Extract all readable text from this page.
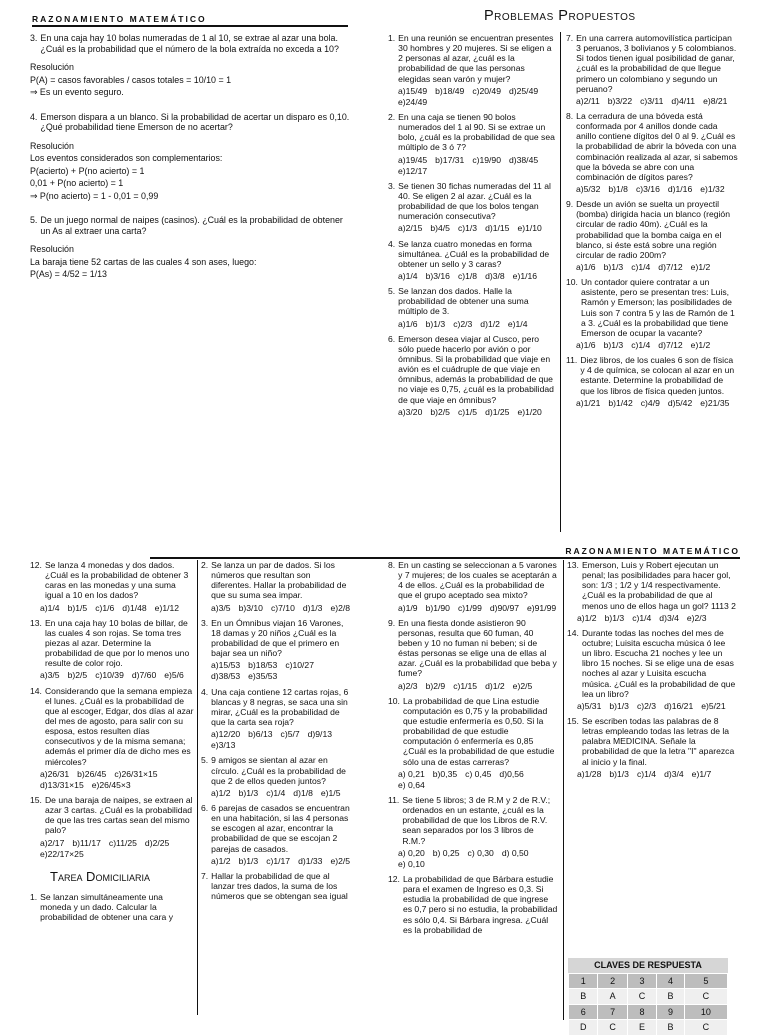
RAZONAMIENTO MATEMÁTICO	Problemas Propuestos
3. En una caja hay 10 bolas numeradas de 1 al 10, se extrae al azar una bola. ¿Cuál es la probabilidad que el número de la bola extraída no exceda a 10?
Resolución
P(A) = casos favorables / casos totales = 10/10 = 1
⇒ Es un evento seguro.
4. Emerson dispara a un blanco. Si la probabilidad de acertar un disparo es 0,10. ¿Qué probabilidad tiene Emerson de no acertar?
Resolución
Los eventos considerados son complementarios:
P(acierto) + P(no acierto) = 1
0,01 + P(no acierto) = 1
⇒ P(no acierto) = 1 - 0,01 = 0,99
5. De un juego normal de naipes (casinos). ¿Cuál es la probabilidad de obtener un As al extraer una carta?
Resolución
La baraja tiene 52 cartas de las cuales 4 son ases, luego:
P(As) = 4/52 = 1/13
1. En una reunión se encuentran presentes 30 hombres y 20 mujeres. Si se eligen a 2 personas al azar, ¿cuál es la probabilidad de que las personas elegidas sean varón y mujer?
a)15/49 b)18/49 c)20/49 d)25/49
e)24/49
2. En una caja se tienen 90 bolos numerados del 1 al 90. Si se extrae un bolo, ¿cuál es la probabilidad de que sea múltiplo de 3 ó 7?
a)19/45 b)17/31 c)19/90 d)38/45
e)12/17
3. Se tienen 30 fichas numeradas del 11 al 40. Se eligen 2 al azar. ¿Cuál es la probabilidad de que los bolos tengan numeración consecutiva?
a)2/15 b)4/5 c)1/3 d)1/15 e)1/10
4. Se lanza cuatro monedas en forma simultánea. ¿Cuál es la probabilidad de obtener un sello y 3 caras?
a)1/4 b)3/16 c)1/8 d)3/8 e)1/16
5. Se lanzan dos dados. Halle la probabilidad de obtener una suma múltiplo de 3.
a)1/6 b)1/3 c)2/3 d)1/2 e)1/4
6. Emerson desea viajar al Cusco, pero sólo puede hacerlo por avión o por ómnibus. Si la probabilidad que viaje en avión es el cuádruple de que viaje en ómnibus, además la probabilidad de que no viaje es 0,75, ¿cuál es la probabilidad de que viaje en ómnibus?
a)3/20 b)2/5 c)1/5 d)1/25 e)1/20
7. En una carrera automovilística participan 3 peruanos, 3 bolivianos y 5 colombianos. Si todos tienen igual posibilidad de ganar, ¿cuál es la probabilidad de que llegue primero un colombiano y segundo un peruano?
a)2/11 b)3/22 c)3/11 d)4/11 e)8/21
8. La cerradura de una bóveda está conformada por 4 anillos donde cada anillo contiene dígitos del 0 al 9. ¿Cuál es la probabilidad de abrir la bóveda con una combinación realizada al azar, si sabemos que la bóveda se abre con una combinación de dígitos pares?
a)5/32 b)1/8 c)3/16 d)1/16 e)1/32
9. Desde un avión se suelta un proyectil (bomba) dirigida hacia un blanco (región circular de radio 40m). ¿Cuál es la probabilidad que la bomba caiga en el blanco, si éste está sobre una región circular de radio 200m?
a)1/6 b)1/3 c)1/4 d)7/12 e)1/2
10. Un contador quiere contratar a un asistente, pero se presentan tres: Luis, Ramón y Emerson; las posibilidades de Luis son 7 contra 5 y las de Ramón de 1 a 3. ¿Cuál es la probabilidad que tiene Emerson de ocupar la vacante?
a)1/6 b)1/3 c)1/4 d)7/12 e)1/2
11. Diez libros, de los cuales 6 son de física y 4 de química, se colocan al azar en un estante. Determine la probabilidad de que los libros de física queden juntos.
a)1/21 b)1/42 c)4/9 d)5/42 e)21/35
12. Se lanza 4 monedas y dos dados. ¿Cuál es la probabilidad de obtener 3 caras en las monedas y una suma igual a 10 en los dados?
a)1/4 b)1/5 c)1/6 d)1/48 e)1/12
13. En una caja hay 10 bolas de billar, de las cuales 4 son rojas. Se toma tres piezas al azar. Determine la probabilidad de que por lo menos uno resulte de color rojo.
a)3/5 b)2/5 c)10/39 d)7/60 e)5/6
14. Considerando que la semana empieza el lunes. ¿Cuál es la probabilidad de que al escoger, Edgar, dos días al azar del mes de agosto, para salir con su esposa, estos resulten días consecutivos y de la misma semana; además el primer día de dicho mes es miércoles?
a)26/31 b)26/45 c)26/31×15
d)13/31×15 e)26/45×3
15. De una baraja de naipes, se extraen al azar 3 cartas. ¿Cuál es la probabilidad de que las tres cartas sean del mismo palo?
a)2/17 b)11/17 c)11/25 d)2/25
e)22/17×25
Tarea Domiciliaria
1. Se lanzan simultáneamente una moneda y un dado. Calcular la probabilidad de obtener una cara y
2. Se lanza un par de dados. Si los números que resultan son diferentes. Hallar la probabilidad de que su suma sea impar.
a)3/5 b)3/10 c)7/10 d)1/3 e)2/8
3. En un Ómnibus viajan 16 Varones, 18 damas y 20 niños ¿Cuál es la probabilidad de que el primero en bajar sea un niño?
a)15/53 b)18/53 c)10/27
d)38/53 e)35/53
4. Una caja contiene 12 cartas rojas, 6 blancas y 8 negras, se saca una sin mirar, ¿Cuál es la probabilidad de que la carta sea roja?
a)12/20 b)6/13 c)5/7 d)9/13
e)3/13
5. 9 amigos se sientan al azar en círculo. ¿Cuál es la probabilidad de que 2 de ellos queden juntos?
a)1/2 b)1/3 c)1/4 d)1/8 e)1/5
6. 6 parejas de casados se encuentran en una habitación, si las 4 personas se escogen al azar, encontrar la probabilidad de que se escojan 2 parejas de casados.
a)1/2 b)1/3 c)1/17 d)1/33 e)2/5
7. Hallar la probabilidad de que al lanzar tres dados, la suma de los números que se obtengan sea igual
RAZONAMIENTO MATEMÁTICO
8. En un casting se seleccionan a 5 varones y 7 mujeres; de los cuales se aceptarán a 4 de ellos. ¿Cuál es la probabilidad de que el grupo aceptado sea mixto?
a)1/9 b)1/90 c)1/99 d)90/97 e)91/99
9. En una fiesta donde asistieron 90 personas, resulta que 60 fuman, 40 beben y 10 no fuman ni beben; si de éstas personas se elige una de ellas al azar. ¿Cuál es la probabilidad que beba y fume?
a)2/3 b)2/9 c)1/15 d)1/2 e)2/5
10. La probabilidad de que Lina estudie computación es 0,75 y la probabilidad que estudie enfermería es 0,50. Si la probabilidad de que estudie computación ó enfermería es 0,85 ¿Cuál es la probabilidad de que estudie sólo una de estas carreras?
a) 0,21 b)0,35 c) 0,45 d)0,56
e) 0,64
11. Se tiene 5 libros; 3 de R.M y 2 de R.V.; ordenados en un estante, ¿cuál es la probabilidad de que los Libros de R.V. sean separados por los 3 libros de R.M.?
a) 0,20 b) 0,25 c) 0,30 d) 0,50
e) 0,10
12. La probabilidad de que Bárbara estudie para el examen de Ingreso es 0,3. Si estudia la probabilidad de que ingrese es 0,7 pero si no estudia, la probabilidad es sólo 0,4. Si Bárbara ingresa. ¿Cuál es la probabilidad de
13. Emerson, Luis y Robert ejecutan un penal; las posibilidades para hacer gol, son: 1/3 ; 1/2 y 1/4 respectivamente. ¿Cuál es la probabilidad de que al menos uno de ellos haga un gol? 1113 2
a)1/2 b)1/3 c)1/4 d)3/4 e)2/3
14. Durante todas las noches del mes de octubre; Luisita escucha música ó lee un libro. Escucha 21 noches y lee un libro 15 noches. Si se elige una de esas noches al azar y Luisita escucha música. ¿Cuál es la probabilidad de que lea un libro?
a)5/31 b)1/3 c)2/3 d)16/21 e)5/21
15. Se escriben todas las palabras de 8 letras empleando todas las letras de la palabra MEDICINA. Señale la probabilidad de que la letra "I" aparezca al inicio y la final.
a)1/28 b)1/3 c)1/4 d)3/4 e)1/7
CLAVES DE RESPUESTA
1	2	3	4	5
B	A	C	B	C
6	7	8	9	10
D	C	E	B	C
